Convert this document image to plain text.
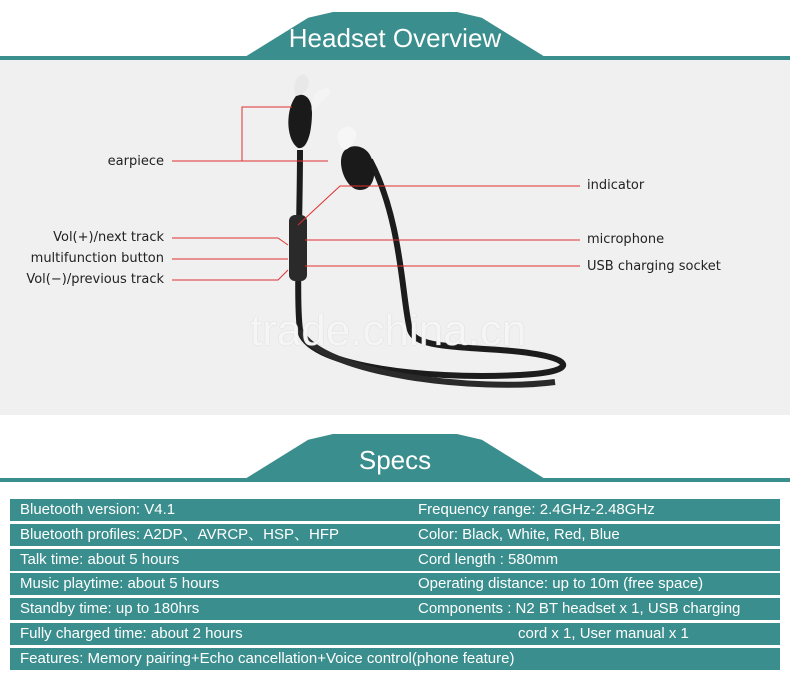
Headset Overview
trade.china.cn
earpiece
Vol(+)/next track
multifunction button
Vol(−)/previous track
indicator
microphone
USB charging socket
Specs
Bluetooth version: V4.1	Frequency range: 2.4GHz-2.48GHz
Bluetooth profiles: A2DP、AVRCP、HSP、HFP	Color: Black, White, Red, Blue
Talk time: about 5 hours	Cord length : 580mm
Music playtime: about 5 hours	Operating distance: up to 10m (free space)
Standby time: up to 180hrs	Components : N2 BT headset x 1, USB charging
Fully charged time: about 2 hours	cord x 1, User manual x 1
Features: Memory pairing+Echo cancellation+Voice control(phone feature)
